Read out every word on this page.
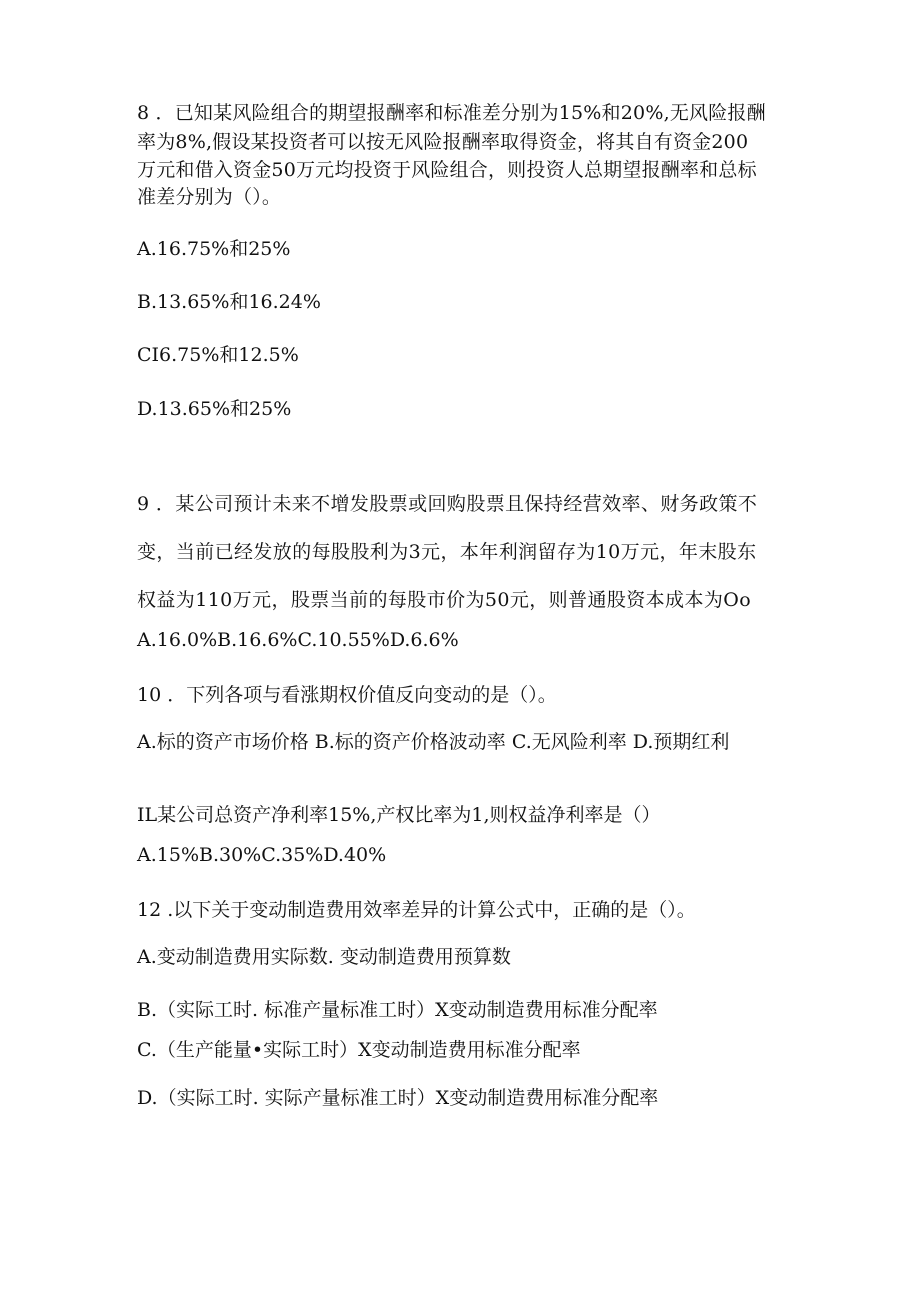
8 ．已知某风险组合的期望报酬率和标准差分别为15%和20%,无风险报酬
率为8%,假设某投资者可以按无风险报酬率取得资金，将其自有资金200
万元和借入资金50万元均投资于风险组合，则投资人总期望报酬率和总标
准差分别为（）。
A.16.75%和25%
B.13.65%和16.24%
CI6.75%和12.5%
D.13.65%和25%
9 ．某公司预计未来不增发股票或回购股票且保持经营效率、财务政策不
变，当前已经发放的每股股利为3元，本年利润留存为10万元，年末股东
权益为110万元，股票当前的每股市价为50元，则普通股资本成本为Oo
A.16.0%B.16.6%C.10.55%D.6.6%
10 ．下列各项与看涨期权价值反向变动的是（）。
A.标的资产市场价格 B.标的资产价格波动率 C.无风险利率 D.预期红利
IL某公司总资产净利率15%,产权比率为1,则权益净利率是（）
A.15%B.30%C.35%D.40%
12 .以下关于变动制造费用效率差异的计算公式中，正确的是（）。
A.变动制造费用实际数. 变动制造费用预算数
B.（实际工时. 标准产量标准工时）X变动制造费用标准分配率
C.（生产能量•实际工时）X变动制造费用标准分配率
D.（实际工时. 实际产量标准工时）X变动制造费用标准分配率
